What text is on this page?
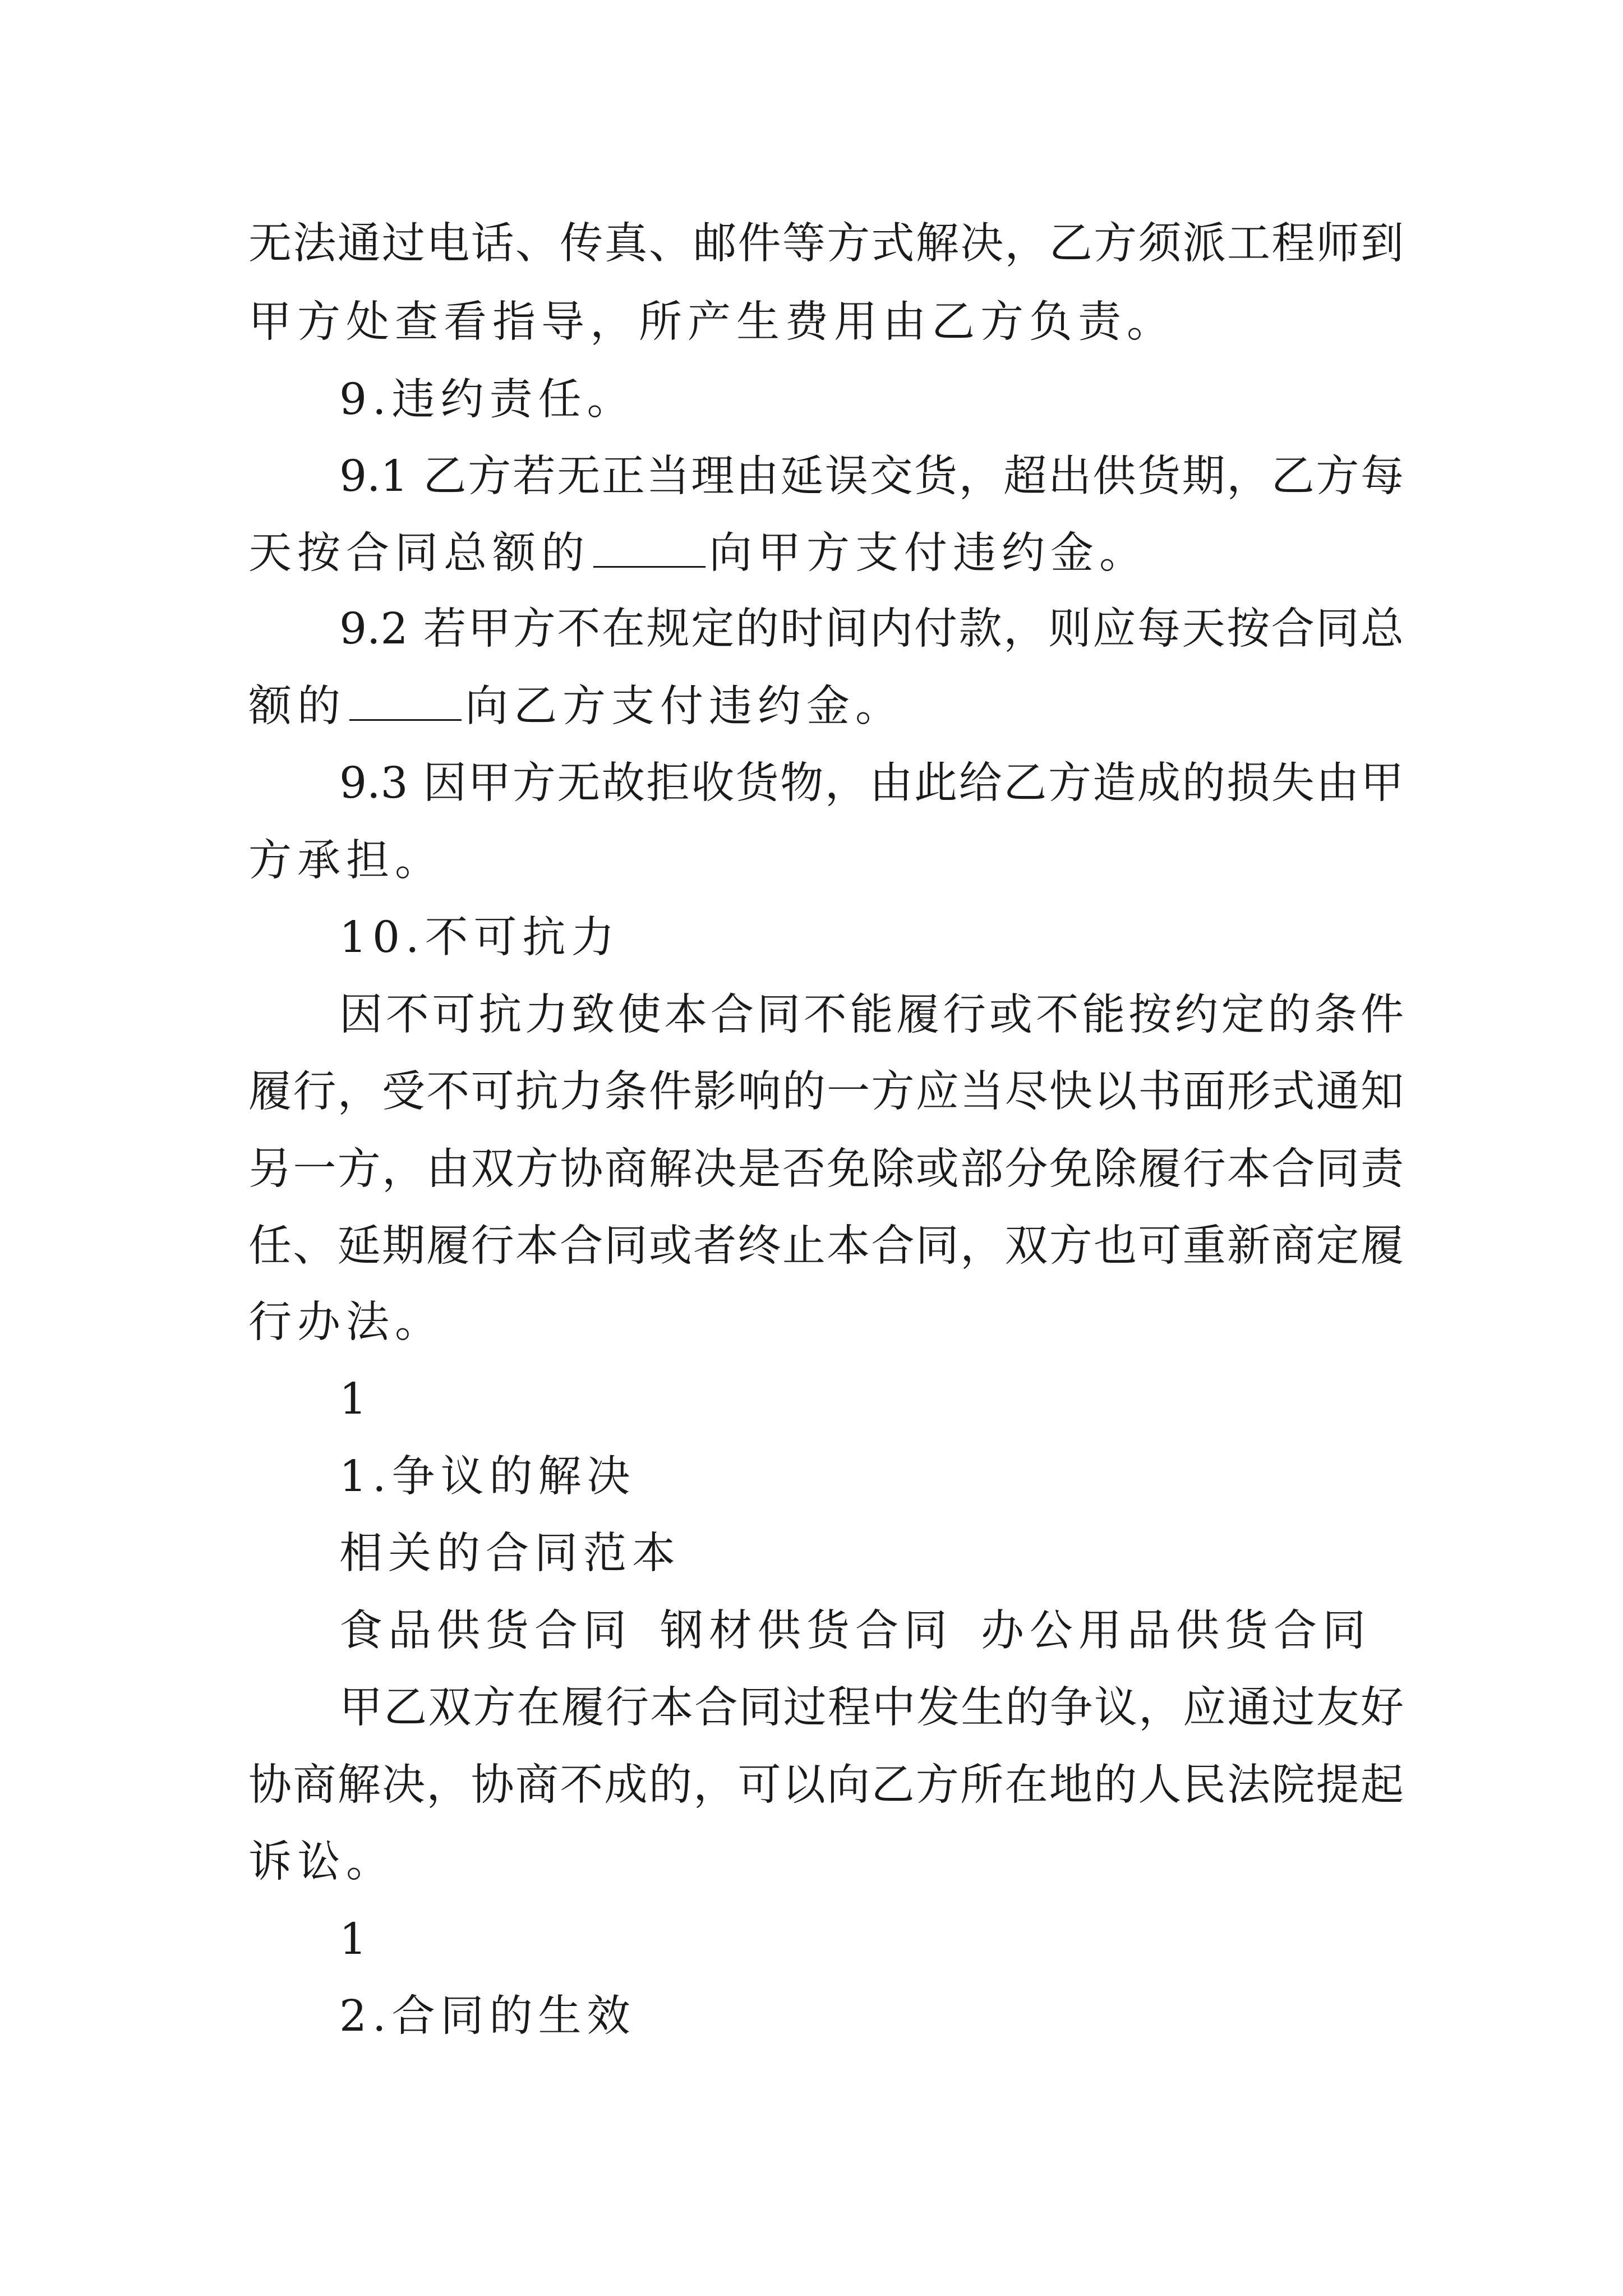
无法通过电话、传真、邮件等方式解决，乙方须派工程师到
甲方处查看指导，所产生费用由乙方负责。
9.违约责任。
9.1 乙方若无正当理由延误交货，超出供货期，乙方每
天按合同总额的	向甲方支付违约金。
9.2 若甲方不在规定的时间内付款，则应每天按合同总
额的	向乙方支付违约金。
9.3 因甲方无故拒收货物，由此给乙方造成的损失由甲
方承担。
10.不可抗力
因不可抗力致使本合同不能履行或不能按约定的条件
履行，受不可抗力条件影响的一方应当尽快以书面形式通知
另一方，由双方协商解决是否免除或部分免除履行本合同责
任、延期履行本合同或者终止本合同，双方也可重新商定履
行办法。
1
1.争议的解决
相关的合同范本
食品供货合同 钢材供货合同 办公用品供货合同
甲乙双方在履行本合同过程中发生的争议，应通过友好
协商解决，协商不成的，可以向乙方所在地的人民法院提起
诉讼。
1
2.合同的生效
